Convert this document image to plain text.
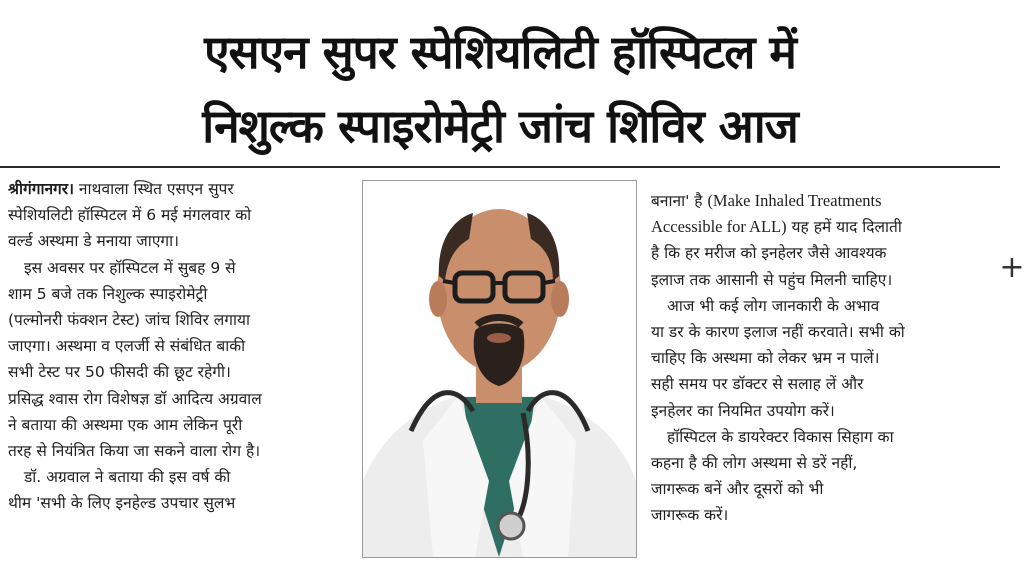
एसएन सुपर स्पेशियलिटी हॉस्पिटल में
निशुल्क स्पाइरोमेट्री जांच शिविर आज
श्रीगंगानगर। नाथवाला स्थित एसएन सुपर
स्पेशियलिटी हॉस्पिटल में 6 मई मंगलवार को
वर्ल्ड अस्थमा डे मनाया जाएगा।
इस अवसर पर हॉस्पिटल में सुबह 9 से
शाम 5 बजे तक निशुल्क स्पाइरोमेट्री
(पल्मोनरी फंक्शन टेस्ट) जांच शिविर लगाया
जाएगा। अस्थमा व एलर्जी से संबंधित बाकी
सभी टेस्ट पर 50 फीसदी की छूट रहेगी।
प्रसिद्ध श्वास रोग विशेषज्ञ डॉ आदित्य अग्रवाल
ने बताया की अस्थमा एक आम लेकिन पूरी
तरह से नियंत्रित किया जा सकने वाला रोग है।
डॉ. अग्रवाल ने बताया की इस वर्ष की
थीम 'सभी के लिए इनहेल्ड उपचार सुलभ
बनाना' है (Make Inhaled Treatments
Accessible for ALL) यह हमें याद दिलाती
है कि हर मरीज को इनहेलर जैसे आवश्यक
इलाज तक आसानी से पहुंच मिलनी चाहिए।
आज भी कई लोग जानकारी के अभाव
या डर के कारण इलाज नहीं करवाते। सभी को
चाहिए कि अस्थमा को लेकर भ्रम न पालें।
सही समय पर डॉक्टर से सलाह लें और
इनहेलर का नियमित उपयोग करें।
हॉस्पिटल के डायरेक्टर विकास सिहाग का
कहना है की लोग अस्थमा से डरें नहीं,
जागरूक बनें और दूसरों को भी
जागरूक करें।
+
